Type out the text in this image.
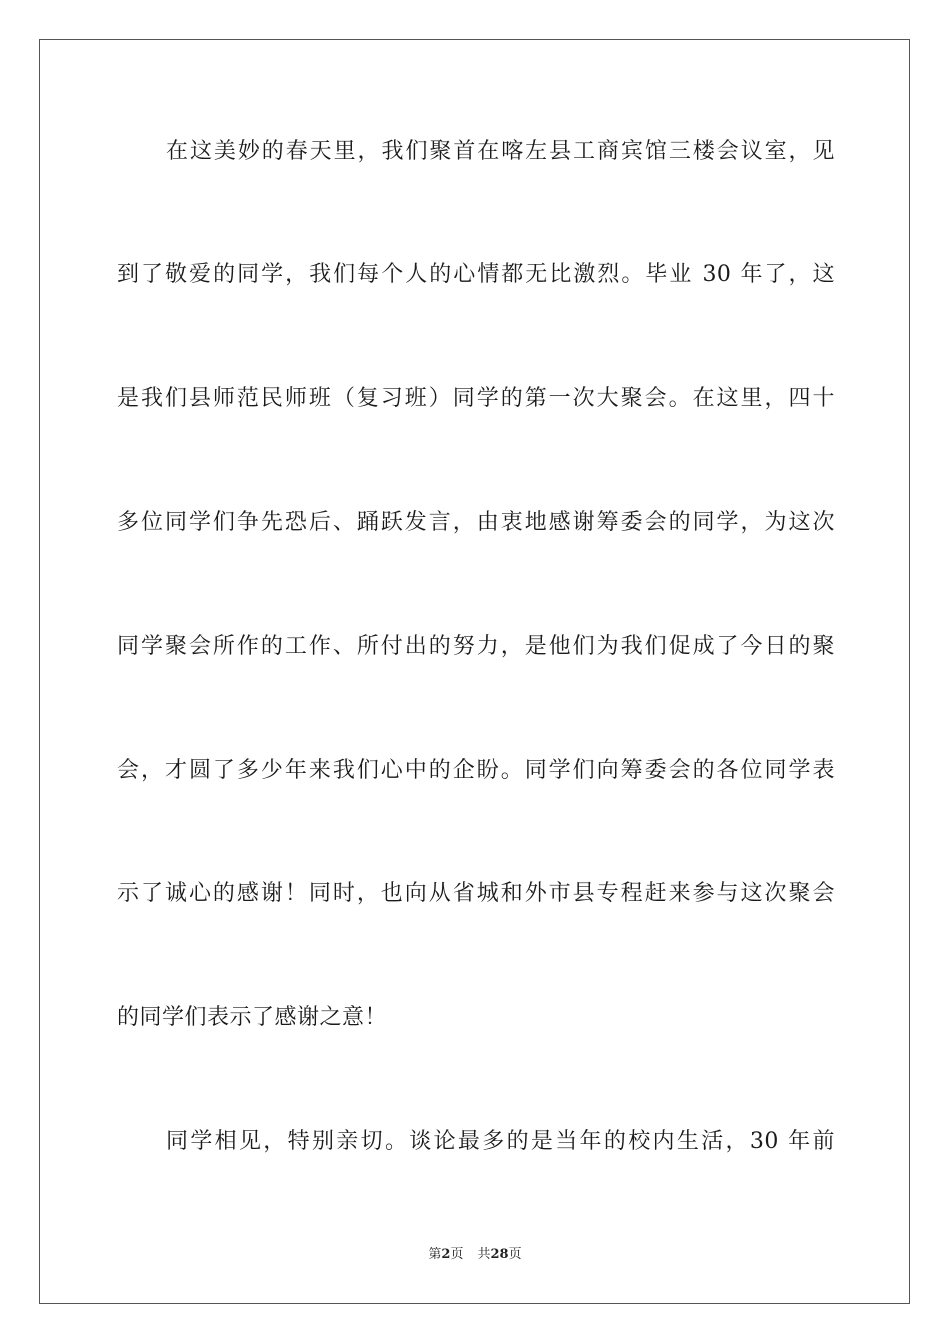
在这美妙的春天里，我们聚首在喀左县工商宾馆三楼会议室，见
到了敬爱的同学，我们每个人的心情都无比激烈。毕业 30 年了，这
是我们县师范民师班（复习班）同学的第一次大聚会。在这里，四十
多位同学们争先恐后、踊跃发言，由衷地感谢筹委会的同学，为这次
同学聚会所作的工作、所付出的努力，是他们为我们促成了今日的聚
会，才圆了多少年来我们心中的企盼。同学们向筹委会的各位同学表
示了诚心的感谢！同时，也向从省城和外市县专程赶来参与这次聚会
的同学们表示了感谢之意！
同学相见，特别亲切。谈论最多的是当年的校内生活，30 年前
第2页 共28页
